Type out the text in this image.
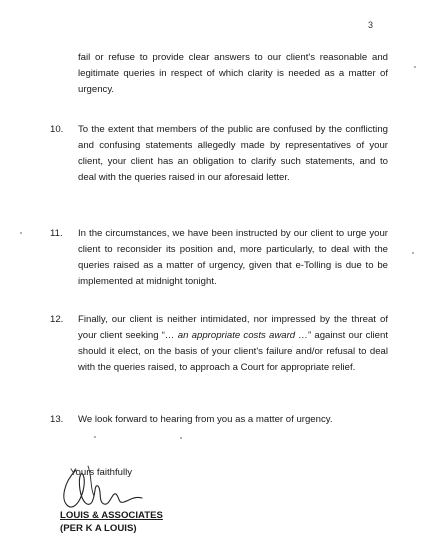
3
fail or refuse to provide clear answers to our client's reasonable and legitimate queries in respect of which clarity is needed as a matter of urgency.
10. To the extent that members of the public are confused by the conflicting and confusing statements allegedly made by representatives of your client, your client has an obligation to clarify such statements, and to deal with the queries raised in our aforesaid letter.
11. In the circumstances, we have been instructed by our client to urge your client to reconsider its position and, more particularly, to deal with the queries raised as a matter of urgency, given that e-Tolling is due to be implemented at midnight tonight.
12. Finally, our client is neither intimidated, nor impressed by the threat of your client seeking “… an appropriate costs award …” against our client should it elect, on the basis of your client's failure and/or refusal to deal with the queries raised, to approach a Court for appropriate relief.
13. We look forward to hearing from you as a matter of urgency.
Yours faithfully
LOUIS & ASSOCIATES
(PER K A LOUIS)
